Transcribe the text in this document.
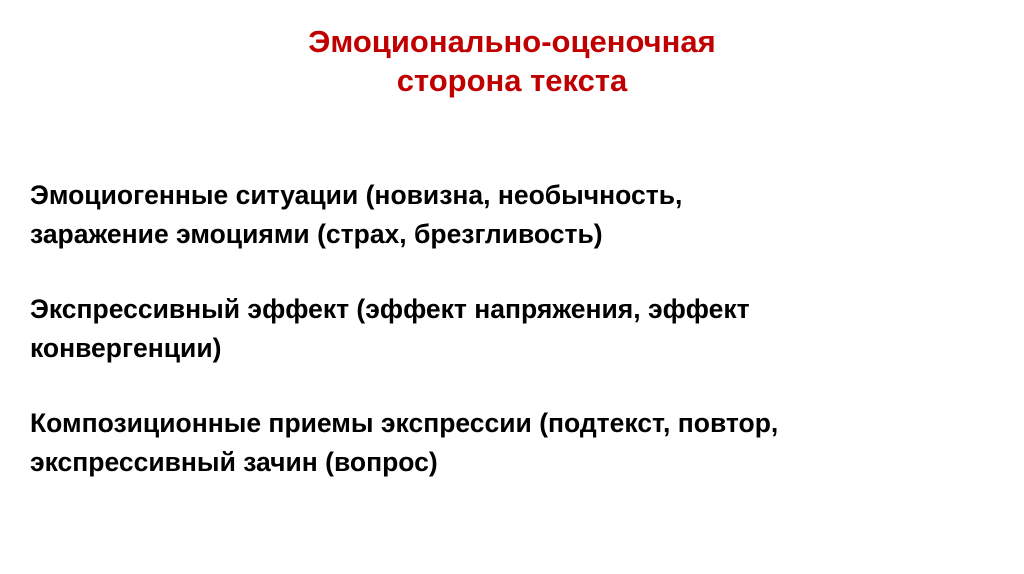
Эмоционально-оценочная
сторона текста
Эмоциогенные ситуации (новизна, необычность,
заражение эмоциями (страх, брезгливость)
Экспрессивный эффект (эффект напряжения, эффект
конвергенции)
Композиционные приемы экспрессии (подтекст, повтор,
экспрессивный зачин (вопрос)
